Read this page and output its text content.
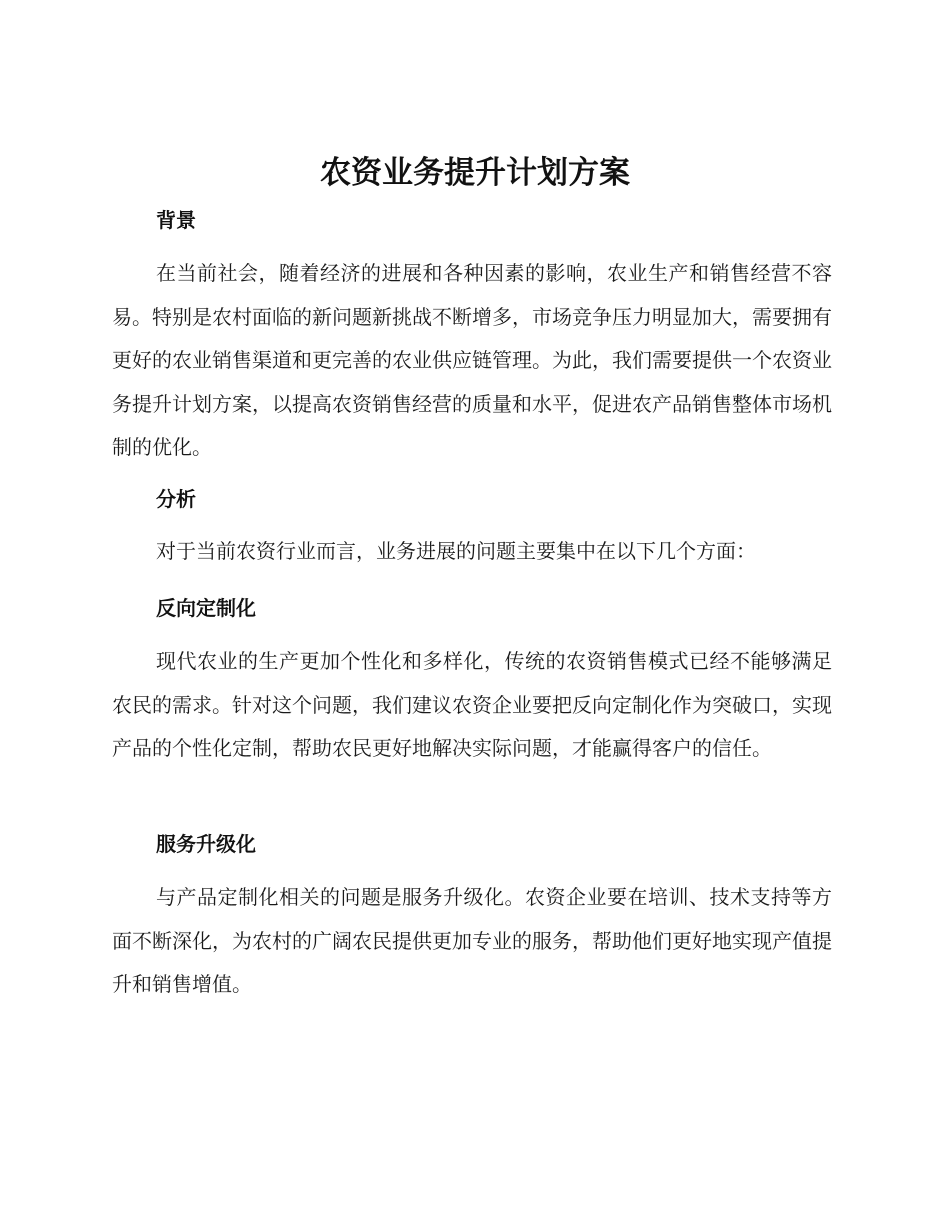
农资业务提升计划方案
背景

在当前社会，随着经济的进展和各种因素的影响，农业生产和销售经营不容易。特别是农村面临的新问题新挑战不断增多，市场竞争压力明显加大，需要拥有更好的农业销售渠道和更完善的农业供应链管理。为此，我们需要提供一个农资业务提升计划方案，以提高农资销售经营的质量和水平，促进农产品销售整体市场机制的优化。

分析

对于当前农资行业而言，业务进展的问题主要集中在以下几个方面：

反向定制化

现代农业的生产更加个性化和多样化，传统的农资销售模式已经不能够满足农民的需求。针对这个问题，我们建议农资企业要把反向定制化作为突破口，实现产品的个性化定制，帮助农民更好地解决实际问题，才能赢得客户的信任。

服务升级化

与产品定制化相关的问题是服务升级化。农资企业要在培训、技术支持等方面不断深化，为农村的广阔农民提供更加专业的服务，帮助他们更好地实现产值提升和销售增值。
